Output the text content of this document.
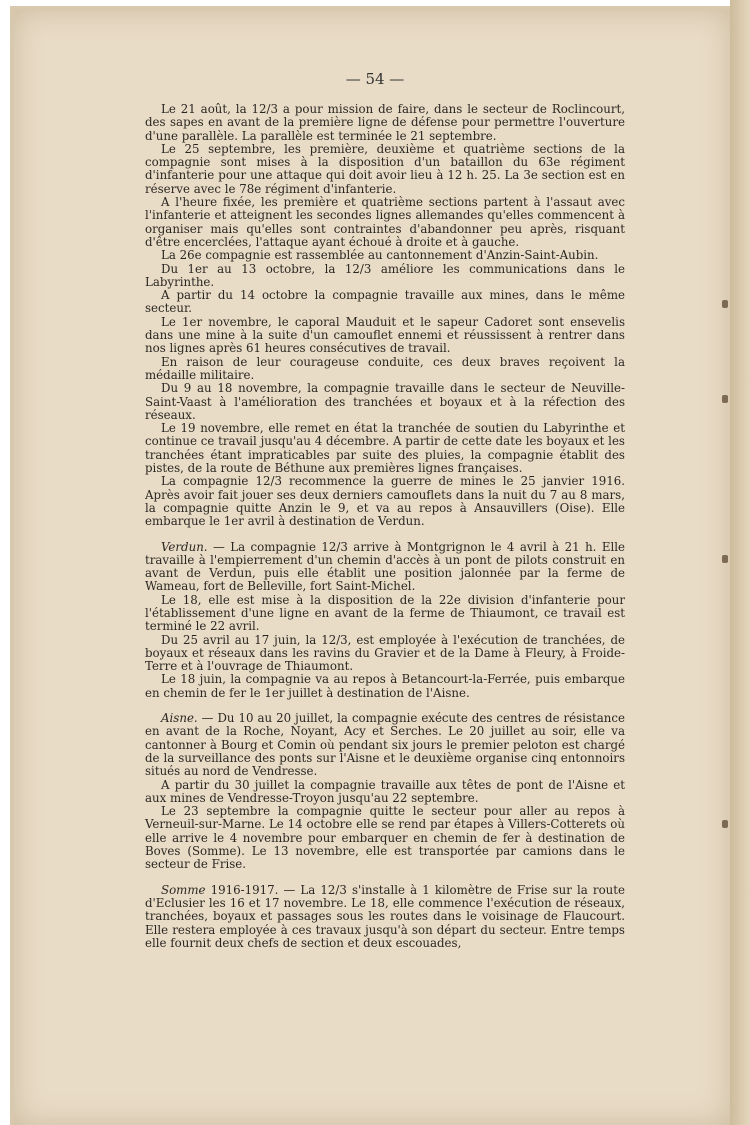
— 54 —

Le 21 août, la 12/3 a pour mission de faire, dans le secteur de Roclincourt, des sapes en avant de la première ligne de défense pour permettre l'ouverture d'une parallèle. La parallèle est terminée le 21 septembre.

Le 25 septembre, les première, deuxième et quatrième sections de la compagnie sont mises à la disposition d'un bataillon du 63e régiment d'infanterie pour une attaque qui doit avoir lieu à 12 h. 25. La 3e section est en réserve avec le 78e régiment d'infanterie.

A l'heure fixée, les première et quatrième sections partent à l'assaut avec l'infanterie et atteignent les secondes lignes allemandes qu'elles commencent à organiser mais qu'elles sont contraintes d'abandonner peu après, risquant d'être encerclées, l'attaque ayant échoué à droite et à gauche.

La 26e compagnie est rassemblée au cantonnement d'Anzin-Saint-Aubin.

Du 1er au 13 octobre, la 12/3 améliore les communications dans le Labyrinthe.

A partir du 14 octobre la compagnie travaille aux mines, dans le même secteur.

Le 1er novembre, le caporal Mauduit et le sapeur Cadoret sont ensevelis dans une mine à la suite d'un camouflet ennemi et réussissent à rentrer dans nos lignes après 61 heures consécutives de travail.

En raison de leur courageuse conduite, ces deux braves reçoivent la médaille militaire.

Du 9 au 18 novembre, la compagnie travaille dans le secteur de Neuville-Saint-Vaast à l'amélioration des tranchées et boyaux et à la réfection des réseaux.

Le 19 novembre, elle remet en état la tranchée de soutien du Labyrinthe et continue ce travail jusqu'au 4 décembre. A partir de cette date les boyaux et les tranchées étant impraticables par suite des pluies, la compagnie établit des pistes, de la route de Béthune aux premières lignes françaises.

La compagnie 12/3 recommence la guerre de mines le 25 janvier 1916. Après avoir fait jouer ses deux derniers camouflets dans la nuit du 7 au 8 mars, la compagnie quitte Anzin le 9, et va au repos à Ansauvillers (Oise). Elle embarque le 1er avril à destination de Verdun.

Verdun. — La compagnie 12/3 arrive à Montgrignon le 4 avril à 21 h. Elle travaille à l'empierrement d'un chemin d'accès à un pont de pilots construit en avant de Verdun, puis elle établit une position jalonnée par la ferme de Wameau, fort de Belleville, fort Saint-Michel.

Le 18, elle est mise à la disposition de la 22e division d'infanterie pour l'établissement d'une ligne en avant de la ferme de Thiaumont, ce travail est terminé le 22 avril.

Du 25 avril au 17 juin, la 12/3, est employée à l'exécution de tranchées, de boyaux et réseaux dans les ravins du Gravier et de la Dame à Fleury, à Froide-Terre et à l'ouvrage de Thiaumont.

Le 18 juin, la compagnie va au repos à Betancourt-la-Ferrée, puis embarque en chemin de fer le 1er juillet à destination de l'Aisne.

Aisne. — Du 10 au 20 juillet, la compagnie exécute des centres de résistance en avant de la Roche, Noyant, Acy et Serches. Le 20 juillet au soir, elle va cantonner à Bourg et Comin où pendant six jours le premier peloton est chargé de la surveillance des ponts sur l'Aisne et le deuxième organise cinq entonnoirs situés au nord de Vendresse.

A partir du 30 juillet la compagnie travaille aux têtes de pont de l'Aisne et aux mines de Vendresse-Troyon jusqu'au 22 septembre.

Le 23 septembre la compagnie quitte le secteur pour aller au repos à Verneuil-sur-Marne. Le 14 octobre elle se rend par étapes à Villers-Cotterets où elle arrive le 4 novembre pour embarquer en chemin de fer à destination de Boves (Somme). Le 13 novembre, elle est transportée par camions dans le secteur de Frise.

Somme 1916-1917. — La 12/3 s'installe à 1 kilomètre de Frise sur la route d'Eclusier les 16 et 17 novembre. Le 18, elle commence l'exécution de réseaux, tranchées, boyaux et passages sous les routes dans le voisinage de Flaucourt. Elle restera employée à ces travaux jusqu'à son départ du secteur. Entre temps elle fournit deux chefs de section et deux escouades,
